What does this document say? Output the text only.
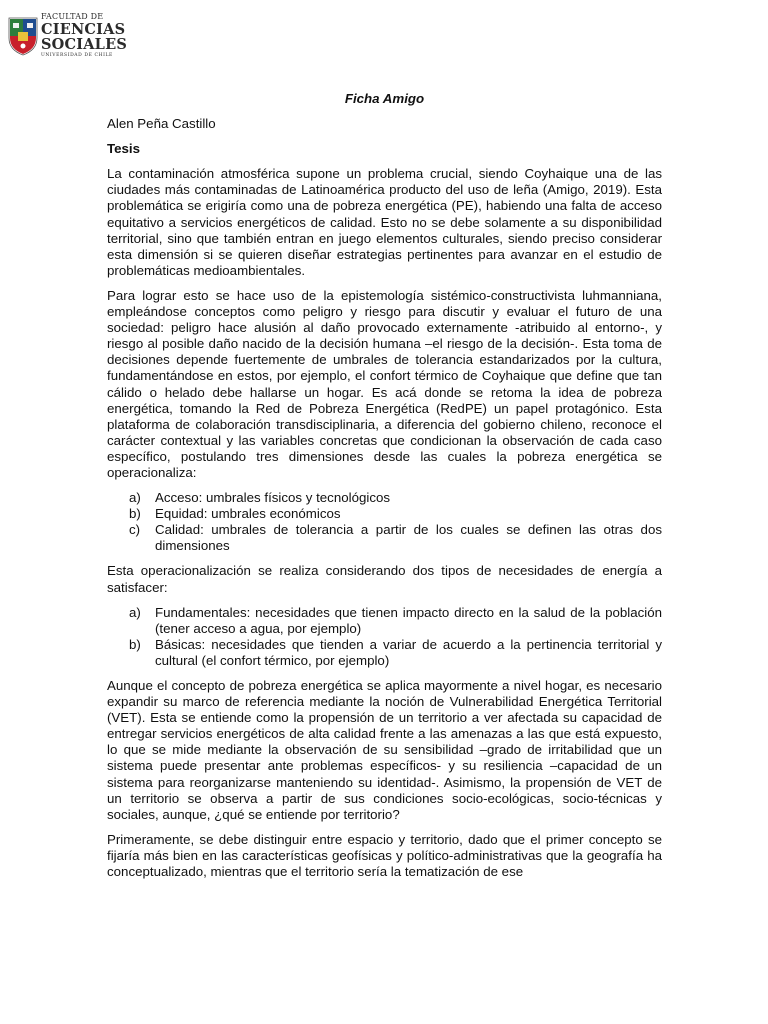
FACULTAD DE
CIENCIAS
SOCIALES
UNIVERSIDAD DE CHILE
Ficha Amigo
Alen Peña Castillo
Tesis

La contaminación atmosférica supone un problema crucial, siendo Coyhaique una de las ciudades más contaminadas de Latinoamérica producto del uso de leña (Amigo, 2019). Esta problemática se erigiría como una de pobreza energética (PE), habiendo una falta de acceso equitativo a servicios energéticos de calidad. Esto no se debe solamente a su disponibilidad territorial, sino que también entran en juego elementos culturales, siendo preciso considerar esta dimensión si se quieren diseñar estrategias pertinentes para avanzar en el estudio de problemáticas medioambientales.

Para lograr esto se hace uso de la epistemología sistémico-constructivista luhmanniana, empleándose conceptos como peligro y riesgo para discutir y evaluar el futuro de una sociedad: peligro hace alusión al daño provocado externamente -atribuido al entorno-, y riesgo al posible daño nacido de la decisión humana –el riesgo de la decisión-. Esta toma de decisiones depende fuertemente de umbrales de tolerancia estandarizados por la cultura, fundamentándose en estos, por ejemplo, el confort térmico de Coyhaique que define que tan cálido o helado debe hallarse un hogar. Es acá donde se retoma la idea de pobreza energética, tomando la Red de Pobreza Energética (RedPE) un papel protagónico. Esta plataforma de colaboración transdisciplinaria, a diferencia del gobierno chileno, reconoce el carácter contextual y las variables concretas que condicionan la observación de cada caso específico, postulando tres dimensiones desde las cuales la pobreza energética se operacionaliza:

a)	Acceso: umbrales físicos y tecnológicos
b)	Equidad: umbrales económicos
c)	Calidad: umbrales de tolerancia a partir de los cuales se definen las otras dos dimensiones

Esta operacionalización se realiza considerando dos tipos de necesidades de energía a satisfacer:

a)	Fundamentales: necesidades que tienen impacto directo en la salud de la población (tener acceso a agua, por ejemplo)
b)	Básicas: necesidades que tienden a variar de acuerdo a la pertinencia territorial y cultural (el confort térmico, por ejemplo)

Aunque el concepto de pobreza energética se aplica mayormente a nivel hogar, es necesario expandir su marco de referencia mediante la noción de Vulnerabilidad Energética Territorial (VET). Esta se entiende como la propensión de un territorio a ver afectada su capacidad de entregar servicios energéticos de alta calidad frente a las amenazas a las que está expuesto, lo que se mide mediante la observación de su sensibilidad –grado de irritabilidad que un sistema puede presentar ante problemas específicos- y su resiliencia –capacidad de un sistema para reorganizarse manteniendo su identidad-. Asimismo, la propensión de VET de un territorio se observa a partir de sus condiciones socio-ecológicas, socio-técnicas y sociales, aunque, ¿qué se entiende por territorio?

Primeramente, se debe distinguir entre espacio y territorio, dado que el primer concepto se fijaría más bien en las características geofísicas y político-administrativas que la geografía ha conceptualizado, mientras que el territorio sería la tematización de ese
